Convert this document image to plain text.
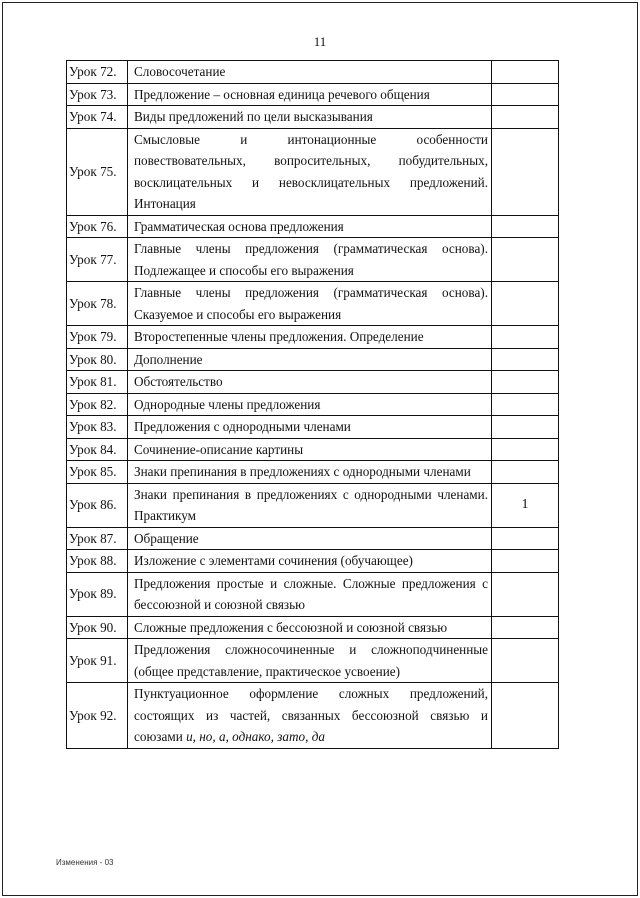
11
Урок 72.	Словосочетание	

Урок 73.	Предложение – основная единица речевого общения	

Урок 74.	Виды предложений по цели высказывания	

Урок 75.	Смысловые и интонационные особенности повествовательных, вопросительных, побудительных, восклицательных и невосклицательных предложений. Интонация	

Урок 76.	Грамматическая основа предложения	

Урок 77.	Главные члены предложения (грамматическая основа). Подлежащее и способы его выражения	

Урок 78.	Главные члены предложения (грамматическая основа). Сказуемое и способы его выражения	

Урок 79.	Второстепенные члены предложения. Определение	

Урок 80.	Дополнение	

Урок 81.	Обстоятельство	

Урок 82.	Однородные члены предложения	

Урок 83.	Предложения с однородными членами	

Урок 84.	Сочинение-описание картины	

Урок 85.	Знаки препинания в предложениях с однородными членами	

Урок 86.	Знаки препинания в предложениях с однородными членами. Практикум	1

Урок 87.	Обращение	

Урок 88.	Изложение с элементами сочинения (обучающее)	

Урок 89.	Предложения простые и сложные. Сложные предложения с бессоюзной и союзной связью	

Урок 90.	Сложные предложения с бессоюзной и союзной связью	

Урок 91.	Предложения сложносочиненные и сложноподчиненные (общее представление, практическое усвоение)	

Урок 92.	Пунктуационное оформление сложных предложений, состоящих из частей, связанных бессоюзной связью и союзами и, но, а, однако, зато, да	
Изменения - 03
